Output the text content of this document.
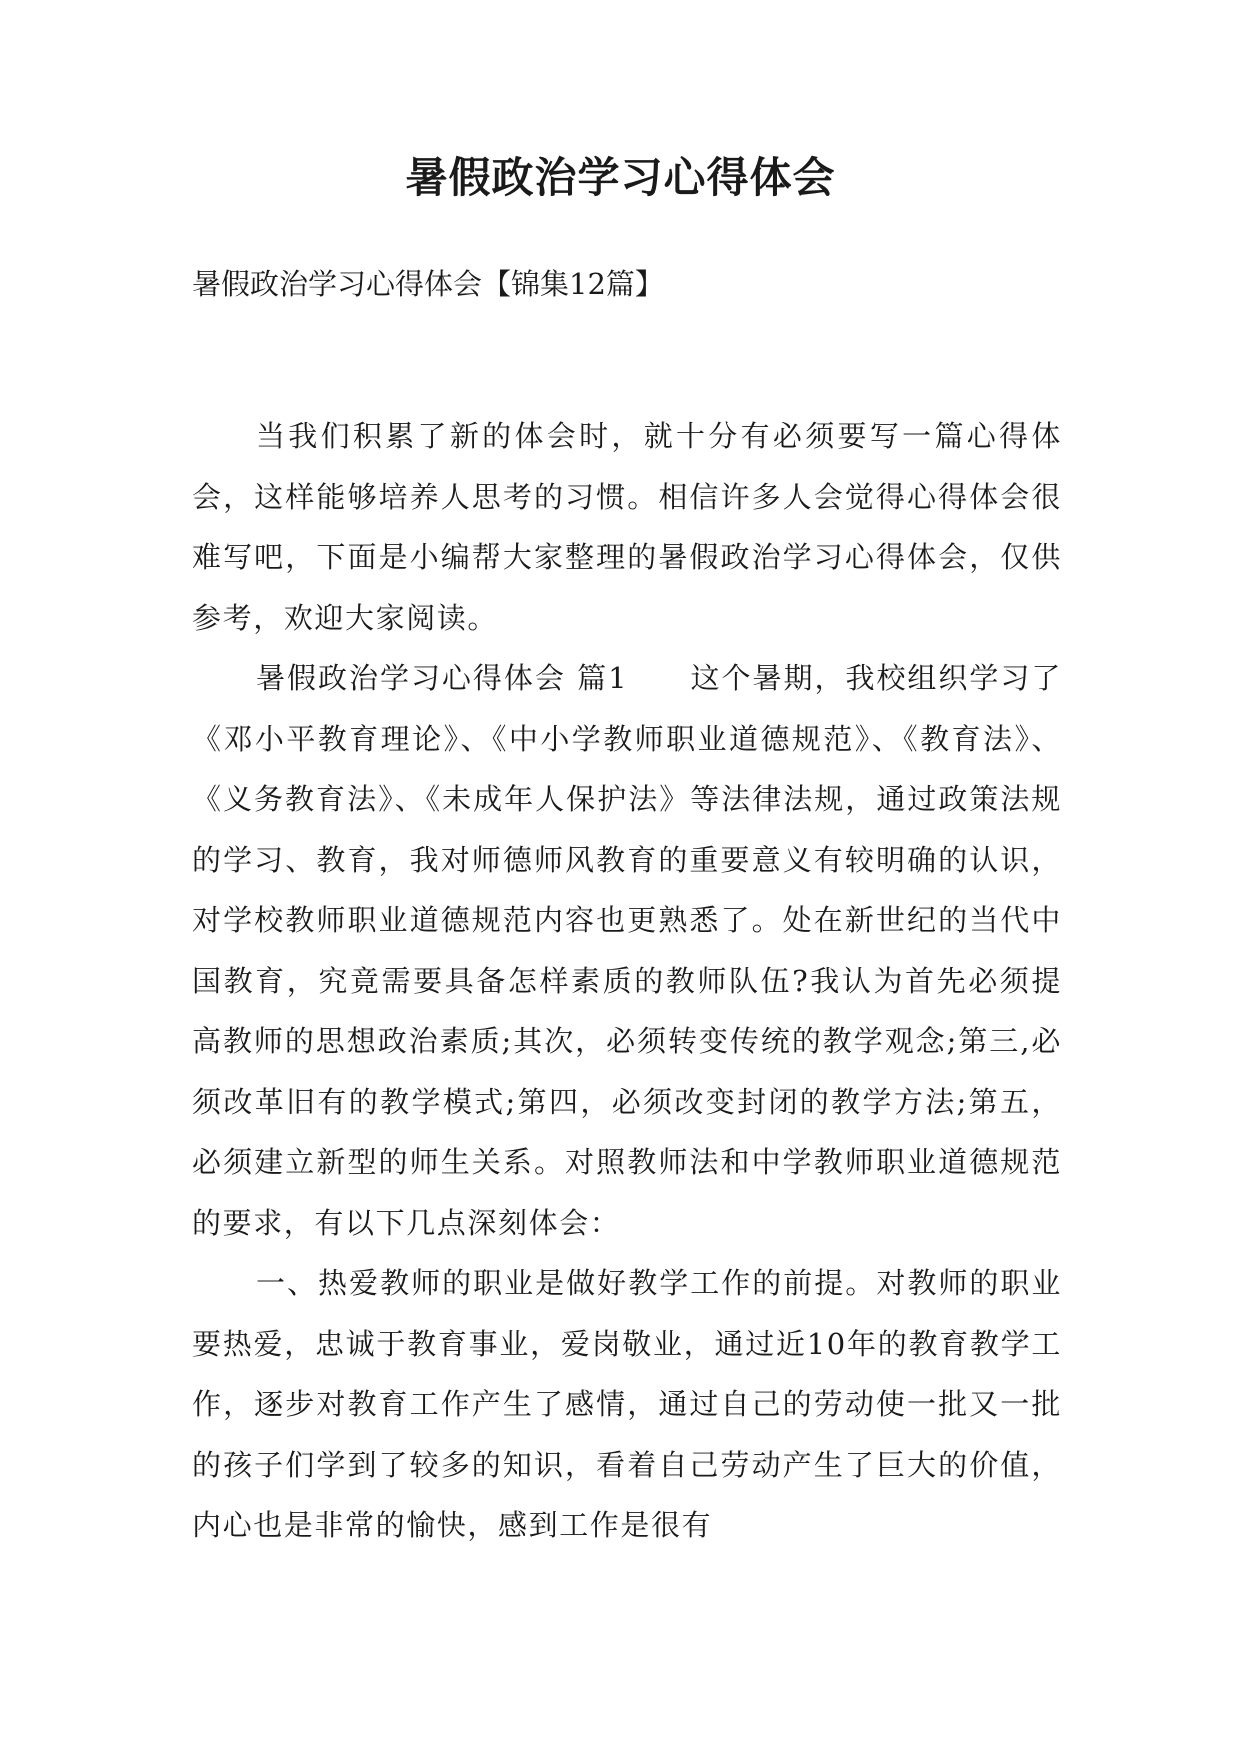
暑假政治学习心得体会

暑假政治学习心得体会【锦集12篇】

当我们积累了新的体会时，就十分有必须要写一篇心得体会，这样能够培养人思考的习惯。相信许多人会觉得心得体会很难写吧，下面是小编帮大家整理的暑假政治学习心得体会，仅供参考，欢迎大家阅读。

暑假政治学习心得体会 篇1　　这个暑期，我校组织学习了《邓小平教育理论》、《中小学教师职业道德规范》、《教育法》、《义务教育法》、《未成年人保护法》等法律法规，通过政策法规的学习、教育，我对师德师风教育的重要意义有较明确的认识，对学校教师职业道德规范内容也更熟悉了。处在新世纪的当代中国教育，究竟需要具备怎样素质的教师队伍?我认为首先必须提高教师的思想政治素质;其次，必须转变传统的教学观念;第三,必须改革旧有的教学模式;第四，必须改变封闭的教学方法;第五，必须建立新型的师生关系。对照教师法和中学教师职业道德规范的要求，有以下几点深刻体会：

一、热爱教师的职业是做好教学工作的前提。对教师的职业要热爱，忠诚于教育事业，爱岗敬业，通过近10年的教育教学工作，逐步对教育工作产生了感情，通过自己的劳动使一批又一批的孩子们学到了较多的知识，看着自己劳动产生了巨大的价值，内心也是非常的愉快，感到工作是很有
